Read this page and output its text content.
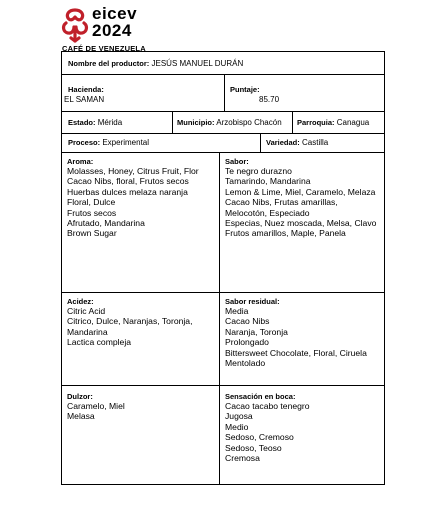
eicev
2024
CAFÉ DE VENEZUELA
Nombre del productor: JESÚS MANUEL DURÁN
Hacienda:
EL SAMAN
Puntaje:
85.70
Estado: Mérida	Municipio: Arzobispo Chacón	Parroquia: Canagua
Proceso: Experimental	Variedad: Castilla
Aroma:
Molasses, Honey, Citrus Fruit, Flor
Cacao Nibs, floral, Frutos secos
Huerbas dulces melaza naranja
Floral, Dulce
Frutos secos
Afrutado, Mandarina
Brown Sugar
Sabor:
Te negro durazno
Tamarindo, Mandarina
Lemon & Lime, Miel, Caramelo, Melaza
Cacao Nibs, Frutas amarillas, Melocotón, Especiado
Especias, Nuez moscada, Melsa, Clavo
Frutos amarillos, Maple, Panela
Acidez:
Citric Acid
Citrico, Dulce, Naranjas, Toronja, Mandarina
Lactica compleja
Sabor residual:
Media
Cacao Nibs
Naranja, Toronja
Prolongado
Bittersweet Chocolate, Floral, Ciruela
Mentolado
Dulzor:
Caramelo, Miel
Melasa
Sensación en boca:
Cacao tacabo tenegro
Jugosa
Medio
Sedoso, Cremoso
Sedoso, Teoso
Cremosa
